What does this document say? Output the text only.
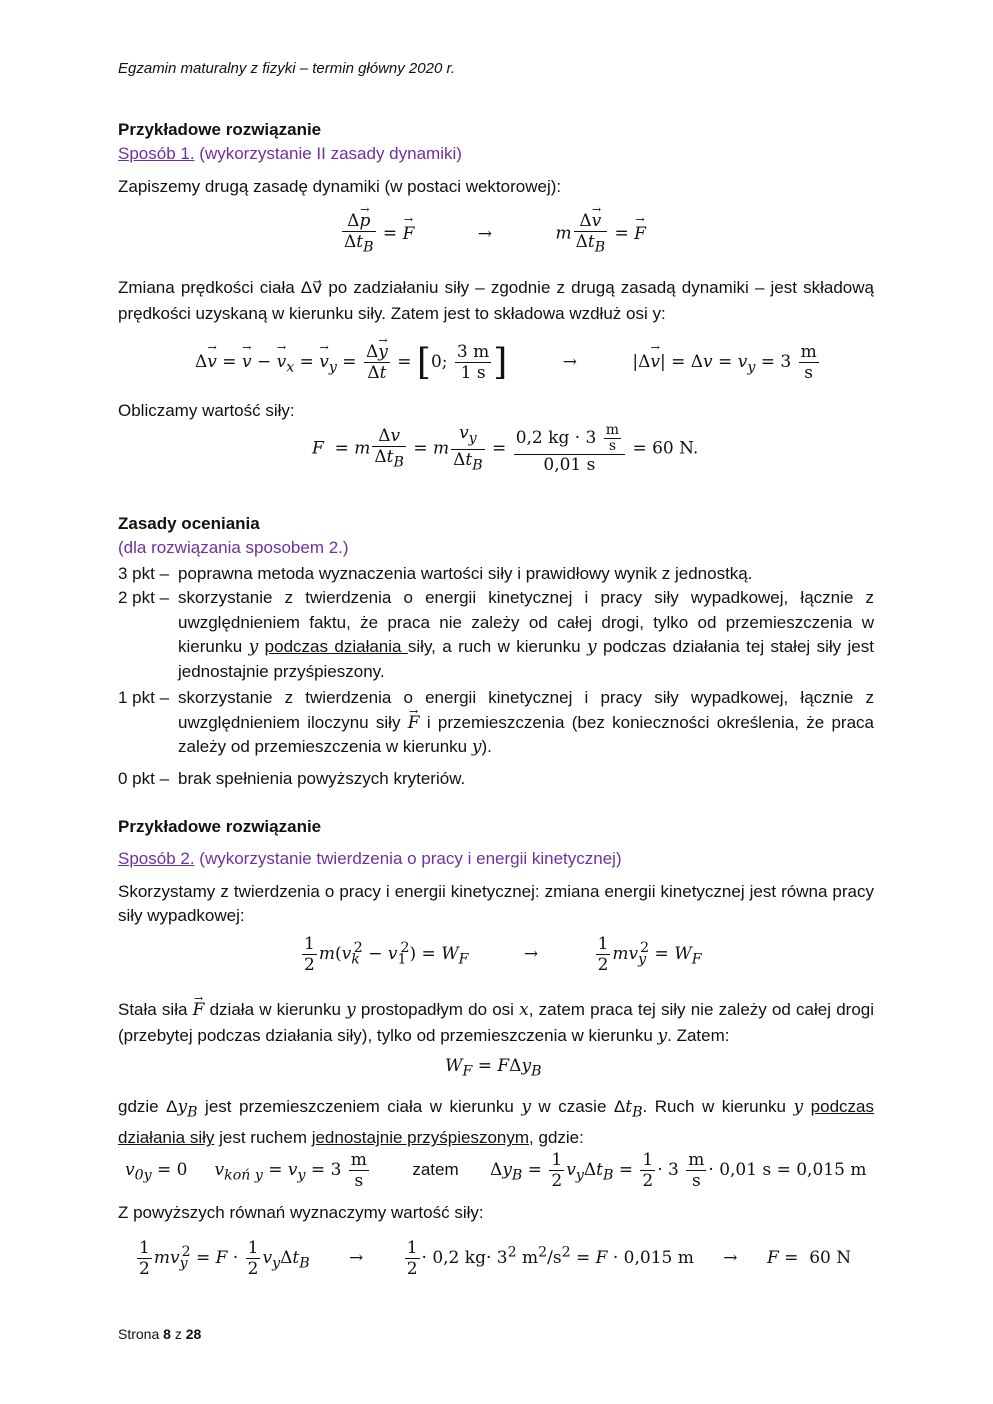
Egzamin maturalny z fizyki – termin główny 2020 r.
Przykładowe rozwiązanie
Sposób 1. (wykorzystanie II zasady dynamiki)
Zapiszemy drugą zasadę dynamiki (w postaci wektorowej):
$\frac{\Delta p \to}{\Delta t_B} = F$ →	→	m $\frac{\Delta v \to}{\Delta t_B} = F$ →
Zmiana prędkości ciała Δv⃗ po zadziałaniu siły – zgodnie z drugą zasadą dynamiki – jest składową prędkości uzyskaną w kierunku siły. Zatem jest to składowa wzdłuż osi y:
Δv → = v → − $v \to_x = v \to_y = \frac{\Delta y \to}{\Delta t} = [0$; $\frac{3 m}{1 s}$ ]	→	|Δv →| = $\Delta v = v_y = 3 \frac{m}{s}$
Obliczamy wartość siły:
F  = m $\frac{\Delta v}{\Delta t_B} = m \frac{v_y}{\Delta t_B} = \frac{0,2 kg \cdot 3 \frac{m}{s}}{0,01 s} = 60$ N.
Zasady oceniania
(dla rozwiązania sposobem 2.)
3 pkt – poprawna metoda wyznaczenia wartości siły i prawidłowy wynik z jednostką.
2 pkt – skorzystanie z twierdzenia o energii kinetycznej i pracy siły wypadkowej, łącznie z uwzględnieniem faktu, że praca nie zależy od całej drogi, tylko od przemieszczenia w kierunku y podczas działania siły, a ruch w kierunku y podczas działania tej stałej siły jest jednostajnie przyśpieszony.
1 pkt – skorzystanie z twierdzenia o energii kinetycznej i pracy siły wypadkowej, łącznie z uwzględnieniem iloczynu siły F → i przemieszczenia (bez konieczności określenia, że praca zależy od przemieszczenia w kierunku y).
0 pkt – brak spełnienia powyższych kryteriów.
Przykładowe rozwiązanie
Sposób 2. (wykorzystanie twierdzenia o pracy i energii kinetycznej)
Skorzystamy z twierdzenia o pracy i energii kinetycznej: zmiana energii kinetycznej jest równa pracy siły wypadkowej:
$\frac{1}{2} m(v_k^2 - v_1^2) = W_F$	→	$\frac{1}{2} mv_y^2 = W_F$
Stała siła F → działa w kierunku y prostopadłym do osi x, zatem praca tej siły nie zależy od całej drogi (przebytej podczas działania siły), tylko od przemieszczenia w kierunku y. Zatem:
$W_F = F\Delta y_B$
gdzie $\Delta y_B$ jest przemieszczeniem ciała w kierunku y w czasie $\Delta t_B$. Ruch w kierunku y podczas działania siły jest ruchem jednostajnie przyśpieszonym, gdzie:
$v_{0y} = 0$     $v_{koń y} = v_y = 3 \frac{m}{s}$	zatem $\Delta y_B = \frac{1}{2} v_y\Delta t_B = \frac{1}{2} \cdot 3 \frac{m}{s} \cdot 0,01$ s = 0,015 m
Z powyższych równań wyznaczymy wartość siły:
$\frac{1}{2} mv_y^2 = F \cdot \frac{1}{2} v_y\Delta t_B \to \frac{1}{2} \cdot 0,2$ $kg\cdot 3^2$ $m^2/s^2 = F \cdot 0,015$ m → F =  60 N
Strona 8 z 28
